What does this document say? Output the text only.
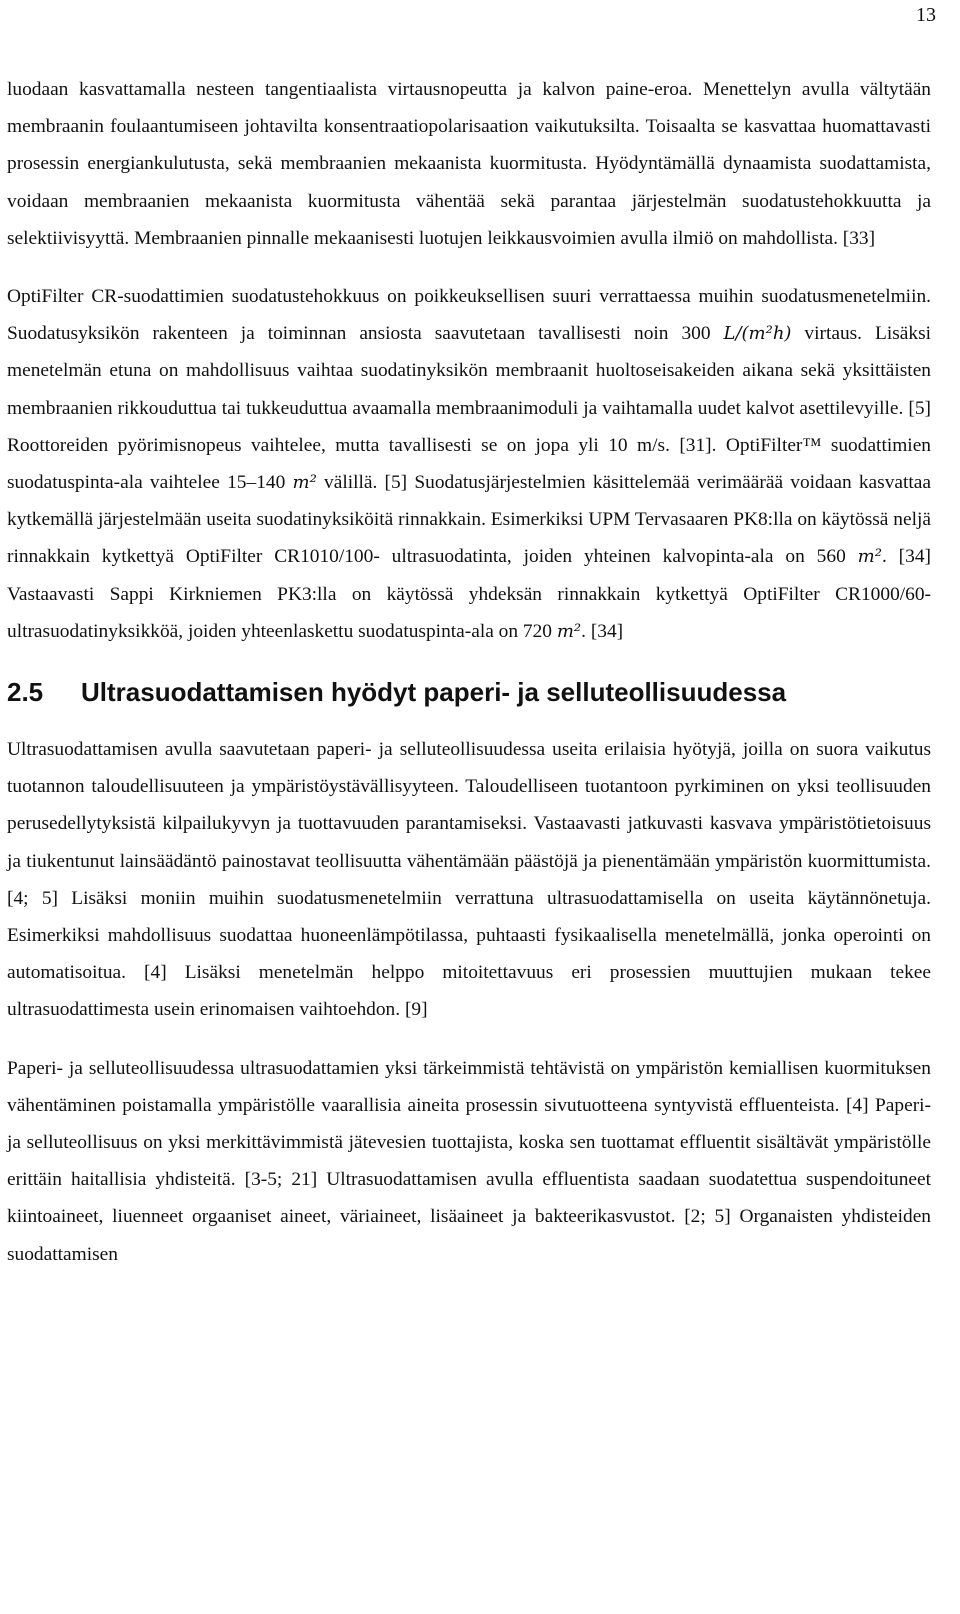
13

luodaan kasvattamalla nesteen tangentiaalista virtausnopeutta ja kalvon paine-eroa. Menettelyn avulla vältytään membraanin foulaantumiseen johtavilta konsentraatiopolarisaation vaikutuksilta. Toisaalta se kasvattaa huomattavasti prosessin energiankulutusta, sekä membraanien mekaanista kuormitusta. Hyödyntämällä dynaamista suodattamista, voidaan membraanien mekaanista kuormitusta vähentää sekä parantaa järjestelmän suodatustehokkuutta ja selektiivisyyttä. Membraanien pinnalle mekaanisesti luotujen leikkausvoimien avulla ilmiö on mahdollista. [33]

OptiFilter CR-suodattimien suodatustehokkuus on poikkeuksellisen suuri verrattaessa muihin suodatusmenetelmiin. Suodatusyksikön rakenteen ja toiminnan ansiosta saavutetaan tavallisesti noin 300 L/(m²h) virtaus. Lisäksi menetelmän etuna on mahdollisuus vaihtaa suodatinyksikön membraanit huoltoseisakeiden aikana sekä yksittäisten membraanien rikkouduttua tai tukkeuduttua avaamalla membraanimoduli ja vaihtamalla uudet kalvot asettilevyille. [5] Roottoreiden pyörimisnopeus vaihtelee, mutta tavallisesti se on jopa yli 10 m/s. [31]. OptiFilter™ suodattimien suodatuspinta-ala vaihtelee 15–140 m² välillä. [5] Suodatusjärjestelmien käsittelemää verimäärää voidaan kasvattaa kytkemällä järjestelmään useita suodatinyksiköitä rinnakkain. Esimerkiksi UPM Tervasaaren PK8:lla on käytössä neljä rinnakkain kytkettyä OptiFilter CR1010/100- ultrasuodatinta, joiden yhteinen kalvopinta-ala on 560 m². [34] Vastaavasti Sappi Kirkniemen PK3:lla on käytössä yhdeksän rinnakkain kytkettyä OptiFilter CR1000/60- ultrasuodatinyksikköä, joiden yhteenlaskettu suodatuspinta-ala on 720 m². [34]

2.5 Ultrasuodattamisen hyödyt paperi- ja selluteollisuudessa

Ultrasuodattamisen avulla saavutetaan paperi- ja selluteollisuudessa useita erilaisia hyötyjä, joilla on suora vaikutus tuotannon taloudellisuuteen ja ympäristöystävällisyyteen. Taloudelliseen tuotantoon pyrkiminen on yksi teollisuuden perusedellytyksistä kilpailukyvyn ja tuottavuuden parantamiseksi. Vastaavasti jatkuvasti kasvava ympäristötietoisuus ja tiukentunut lainsäädäntö painostavat teollisuutta vähentämään päästöjä ja pienentämään ympäristön kuormittumista. [4; 5] Lisäksi moniin muihin suodatusmenetelmiin verrattuna ultrasuodattamisella on useita käytännönetuja. Esimerkiksi mahdollisuus suodattaa huoneenlämpötilassa, puhtaasti fysikaalisella menetelmällä, jonka operointi on automatisoitua. [4] Lisäksi menetelmän helppo mitoitettavuus eri prosessien muuttujien mukaan tekee ultrasuodattimesta usein erinomaisen vaihtoehdon. [9]

Paperi- ja selluteollisuudessa ultrasuodattamien yksi tärkeimmistä tehtävistä on ympäristön kemiallisen kuormituksen vähentäminen poistamalla ympäristölle vaarallisia aineita prosessin sivutuotteena syntyvistä effluenteista. [4] Paperi- ja selluteollisuus on yksi merkittävimmistä jätevesien tuottajista, koska sen tuottamat effluentit sisältävät ympäristölle erittäin haitallisia yhdisteitä. [3-5; 21] Ultrasuodattamisen avulla effluentista saadaan suodatettua suspendoituneet kiintoaineet, liuenneet orgaaniset aineet, väriaineet, lisäaineet ja bakteerikasvustot. [2; 5] Organaisten yhdisteiden suodattamisen
